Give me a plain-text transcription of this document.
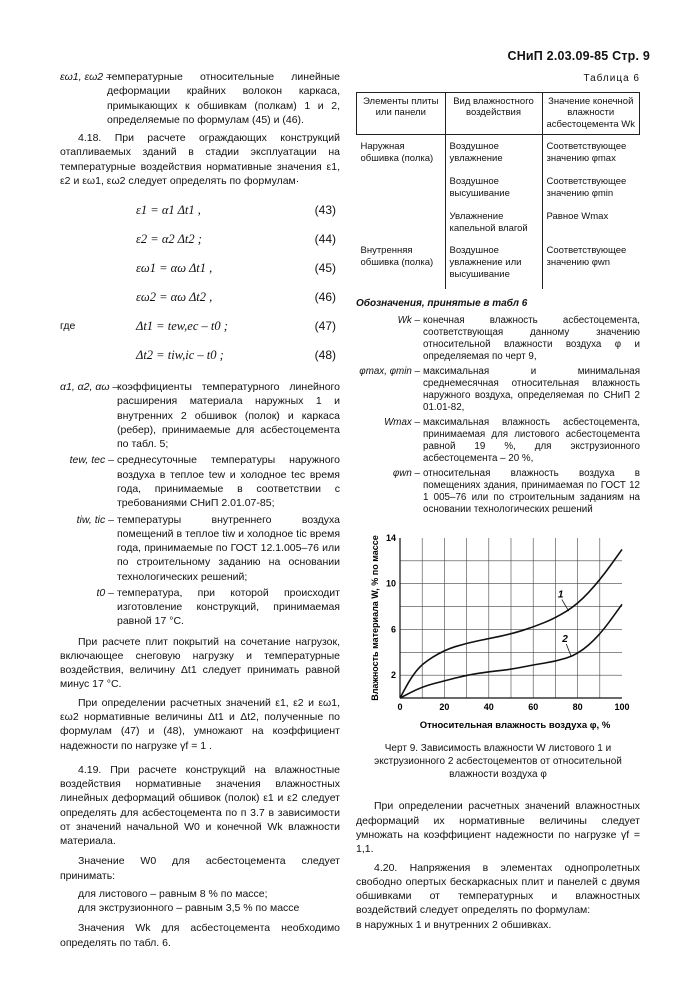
СНиП 2.03.09-85 Стр. 9
εω1, εω2 –
температурные относительные линейные деформации крайних волокон каркаса, примыкающих к обшивкам (полкам) 1 и 2, определяемые по формулам (45) и (46).

4.18. При расчете ограждающих конструкций отапливаемых зданий в стадии эксплуатации на температурные воздействия нормативные значения ε1, ε2 и εω1, εω2 следует определять по формулам·

ε1 = α1 Δt1 ,	(43)
ε2 = α2 Δt2 ;	(44)
εω1 = αω Δt1 ,	(45)
εω2 = αω Δt2 ,	(46)
где	Δt1 = tew,ec – t0 ;	(47)
Δt2 = tiw,ic – t0 ;	(48)
α1, α2, αω –
коэффициенты температурного линейного расширения материала наружных 1 и внутренних 2 обшивок (полок) и каркаса (ребер), принимаемые для асбестоцемента по табл. 5;
tew, tec – среднесуточные температуры наружного воздуха в теплое tew и холодное tec время года, принимаемые в соответствии с требованиями СНиП 2.01.07-85;
tiw, tic – температуры внутреннего воздуха помещений в теплое tiw и холодное tic время года, принимаемые по ГОСТ 12.1.005–76 или по строительному заданию на основании технологических решений;
t0 – температура, при которой происходит изготовление конструкций, принимаемая равной 17 °С.

При расчете плит покрытий на сочетание нагрузок, включающее снеговую нагрузку и температурные воздействия, величину Δt1 следует принимать равной минус 17 °С.

При определении расчетных значений ε1, ε2 и εω1, εω2 нормативные величины Δt1 и Δt2, полученные по формулам (47) и (48), умножают на коэффициент надежности по нагрузке γf = 1 .

4.19. При расчете конструкций на влажностные воздействия нормативные значения влажностных линейных деформаций обшивок (полок) ε1 и ε2 следует определять для асбестоцемента по п 3.7 в зависимости от значений начальной W0 и конечной Wk влажности материала.

Значение W0 для асбестоцемента следует принимать:

для листового – равным 8 % по массе;
для экструзионного – равным 3,5 % по массе

Значения Wk для асбестоцемента необходимо определять по табл. 6.

Таблица 6
Элементы плиты или панели	Вид влажностного воздействия	Значение конечной влажности асбестоцемента Wk
Наружная обшивка (полка)	Воздушное увлажнение	Соответствующее значению φmax
	Воздушное высушивание	Соответствующее значению φmin
	Увлажнение капельной влагой	Равное Wmax
Внутренняя обшивка (полка)	Воздушное увлажнение или высушивание	Соответствующее значению φwn
Обозначения, принятые в табл 6
Wk – конечная влажность асбестоцемента, соответствующая данному значению относительной влажности воздуха φ и определяемая по черт 9,
φmax, φmin – максимальная и минимальная среднемесячная относительная влажность наружного воздуха, определяемая по СНиП 2 01.01-82,
Wmax – максимальная влажность асбестоцемента, принимаемая для листового асбестоцемента равной 19 %, для экструзионного асбестоцемента – 20 %,
φwn – относительная влажность воздуха в помещениях здания, принимаемая по ГОСТ 12 1 005–76 или по строительным заданиям на основании технологических решений
0	20	40	60	80	100
2
6
10
14
Относительная влажность воздуха φ, %
Влажность материала W, % по массе	1
2
Черт 9. Зависимость влажности W листового 1 и экструзионного 2 асбестоцементов от относительной влажности воздуха φ

При определении расчетных значений влажностных деформаций их нормативные величины следует умножать на коэффициент надежности по нагрузке γf = 1,1.

4.20. Напряжения в элементах однопролетных свободно опертых бескаркасных плит и панелей с двумя обшивками от температурных и влажностных воздействий следует определять по формулам:

в наружных 1 и внутренних 2 обшивках.
